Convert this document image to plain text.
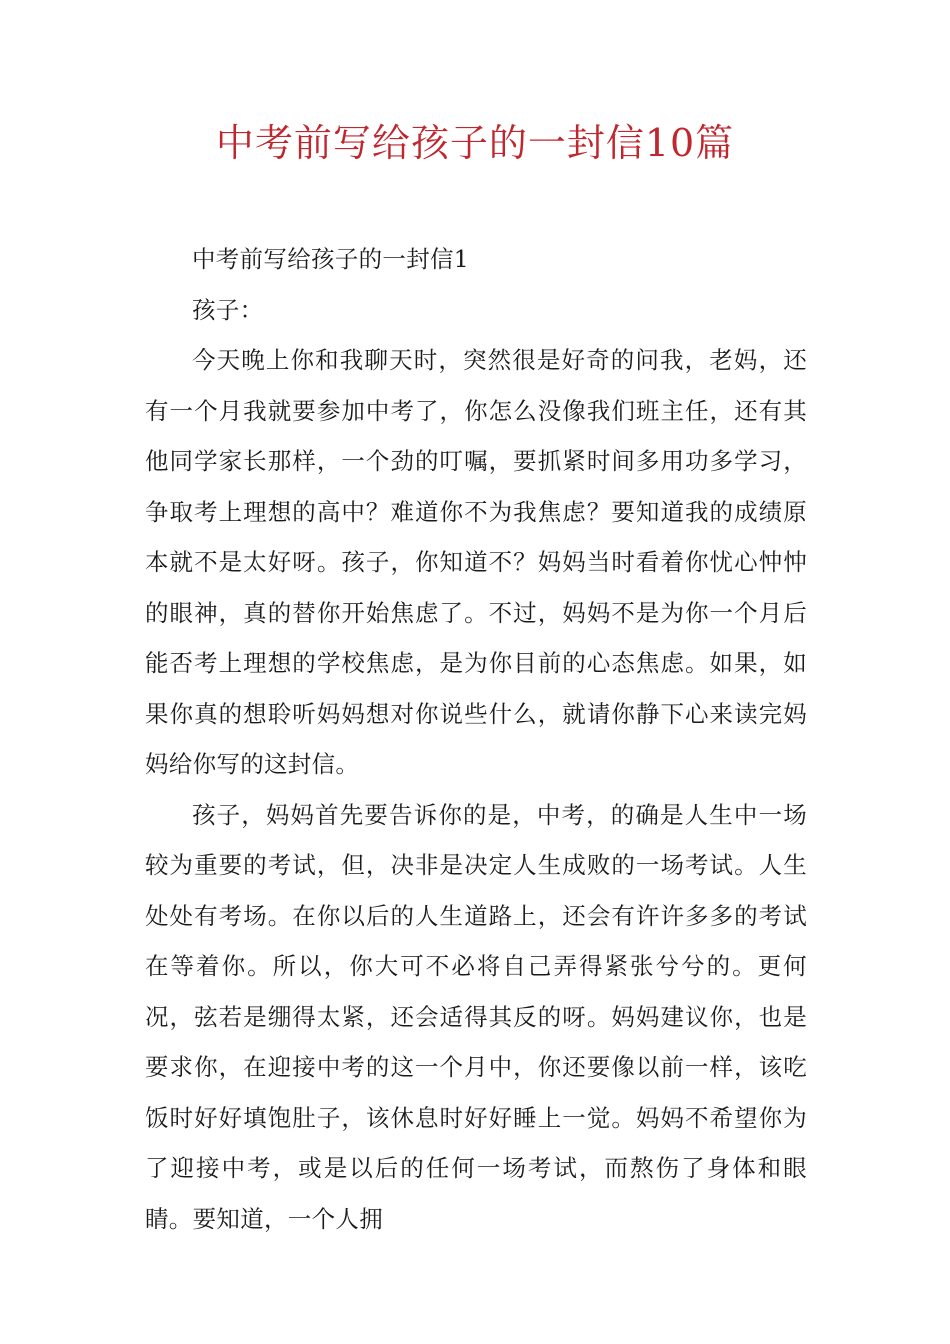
中考前写给孩子的一封信10篇

中考前写给孩子的一封信1

孩子：

今天晚上你和我聊天时，突然很是好奇的问我，老妈，还有一个月我就要参加中考了，你怎么没像我们班主任，还有其他同学家长那样，一个劲的叮嘱，要抓紧时间多用功多学习，争取考上理想的高中？难道你不为我焦虑？要知道我的成绩原本就不是太好呀。孩子，你知道不？妈妈当时看着你忧心忡忡的眼神，真的替你开始焦虑了。不过，妈妈不是为你一个月后能否考上理想的学校焦虑，是为你目前的心态焦虑。如果，如果你真的想聆听妈妈想对你说些什么，就请你静下心来读完妈妈给你写的这封信。

孩子，妈妈首先要告诉你的是，中考，的确是人生中一场较为重要的考试，但，决非是决定人生成败的一场考试。人生处处有考场。在你以后的人生道路上，还会有许许多多的考试在等着你。所以，你大可不必将自己弄得紧张兮兮的。更何况，弦若是绷得太紧，还会适得其反的呀。妈妈建议你，也是要求你，在迎接中考的这一个月中，你还要像以前一样，该吃饭时好好填饱肚子，该休息时好好睡上一觉。妈妈不希望你为了迎接中考，或是以后的任何一场考试，而熬伤了身体和眼睛。要知道，一个人拥
